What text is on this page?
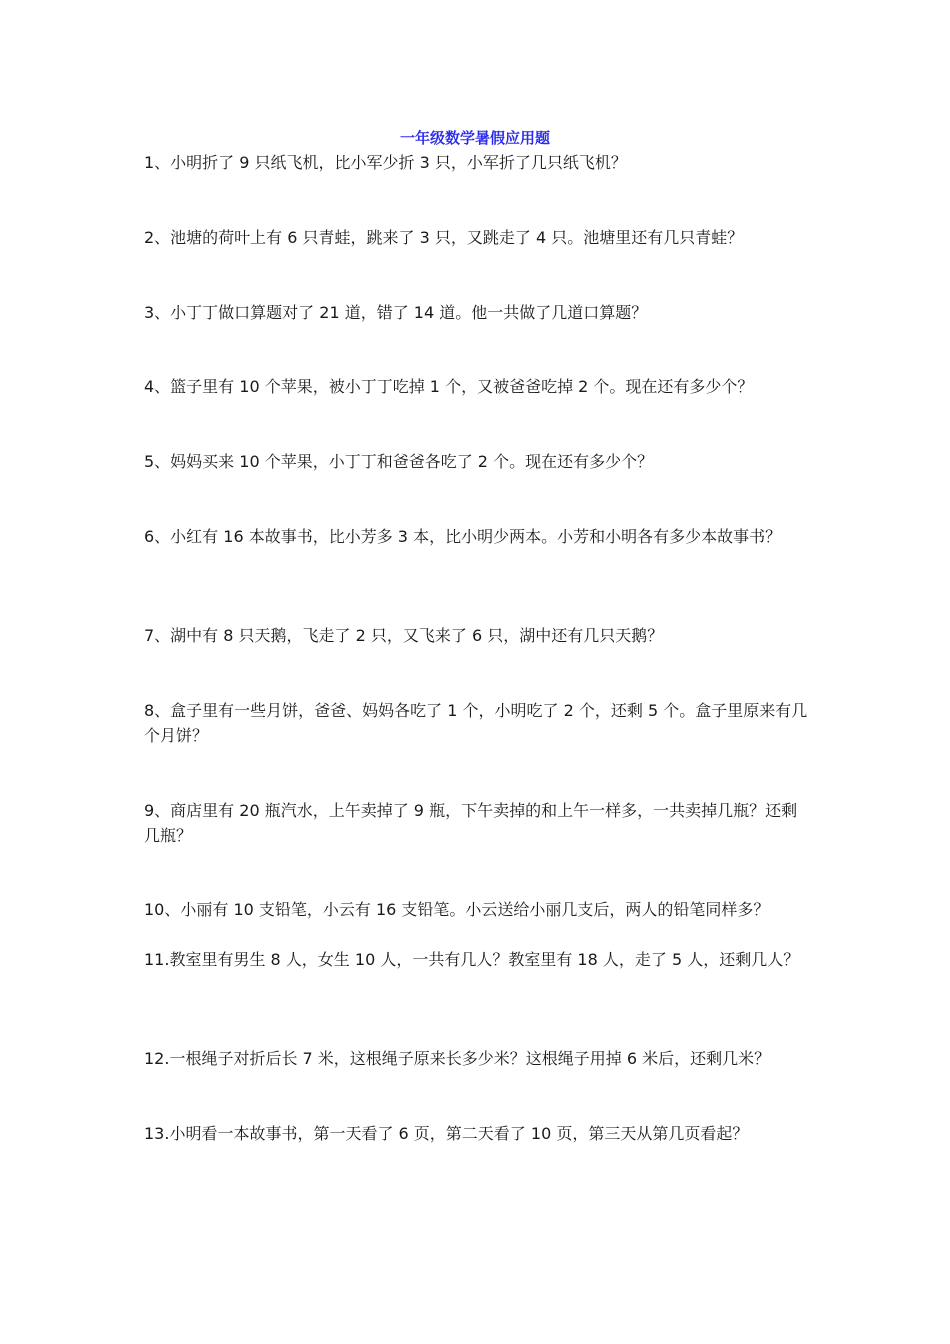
一年级数学暑假应用题

1、小明折了 9 只纸飞机，比小军少折 3 只，小军折了几只纸飞机？

2、池塘的荷叶上有 6 只青蛙，跳来了 3 只，又跳走了 4 只。池塘里还有几只青蛙？

3、小丁丁做口算题对了 21 道，错了 14 道。他一共做了几道口算题？

4、篮子里有 10 个苹果，被小丁丁吃掉 1 个，又被爸爸吃掉 2 个。现在还有多少个？

5、妈妈买来 10 个苹果，小丁丁和爸爸各吃了 2 个。现在还有多少个？

6、小红有 16 本故事书，比小芳多 3 本，比小明少两本。小芳和小明各有多少本故事书？

7、湖中有 8 只天鹅，飞走了 2 只，又飞来了 6 只，湖中还有几只天鹅？

8、盒子里有一些月饼，爸爸、妈妈各吃了 1 个，小明吃了 2 个，还剩 5 个。盒子里原来有几个月饼？

9、商店里有 20 瓶汽水，上午卖掉了 9 瓶，下午卖掉的和上午一样多，一共卖掉几瓶？还剩几瓶？

10、小丽有 10 支铅笔，小云有 16 支铅笔。小云送给小丽几支后，两人的铅笔同样多？

11.教室里有男生 8 人，女生 10 人，一共有几人？教室里有 18 人，走了 5 人，还剩几人？

12.一根绳子对折后长 7 米，这根绳子原来长多少米？这根绳子用掉 6 米后，还剩几米？

13.小明看一本故事书，第一天看了 6 页，第二天看了 10 页，第三天从第几页看起？
